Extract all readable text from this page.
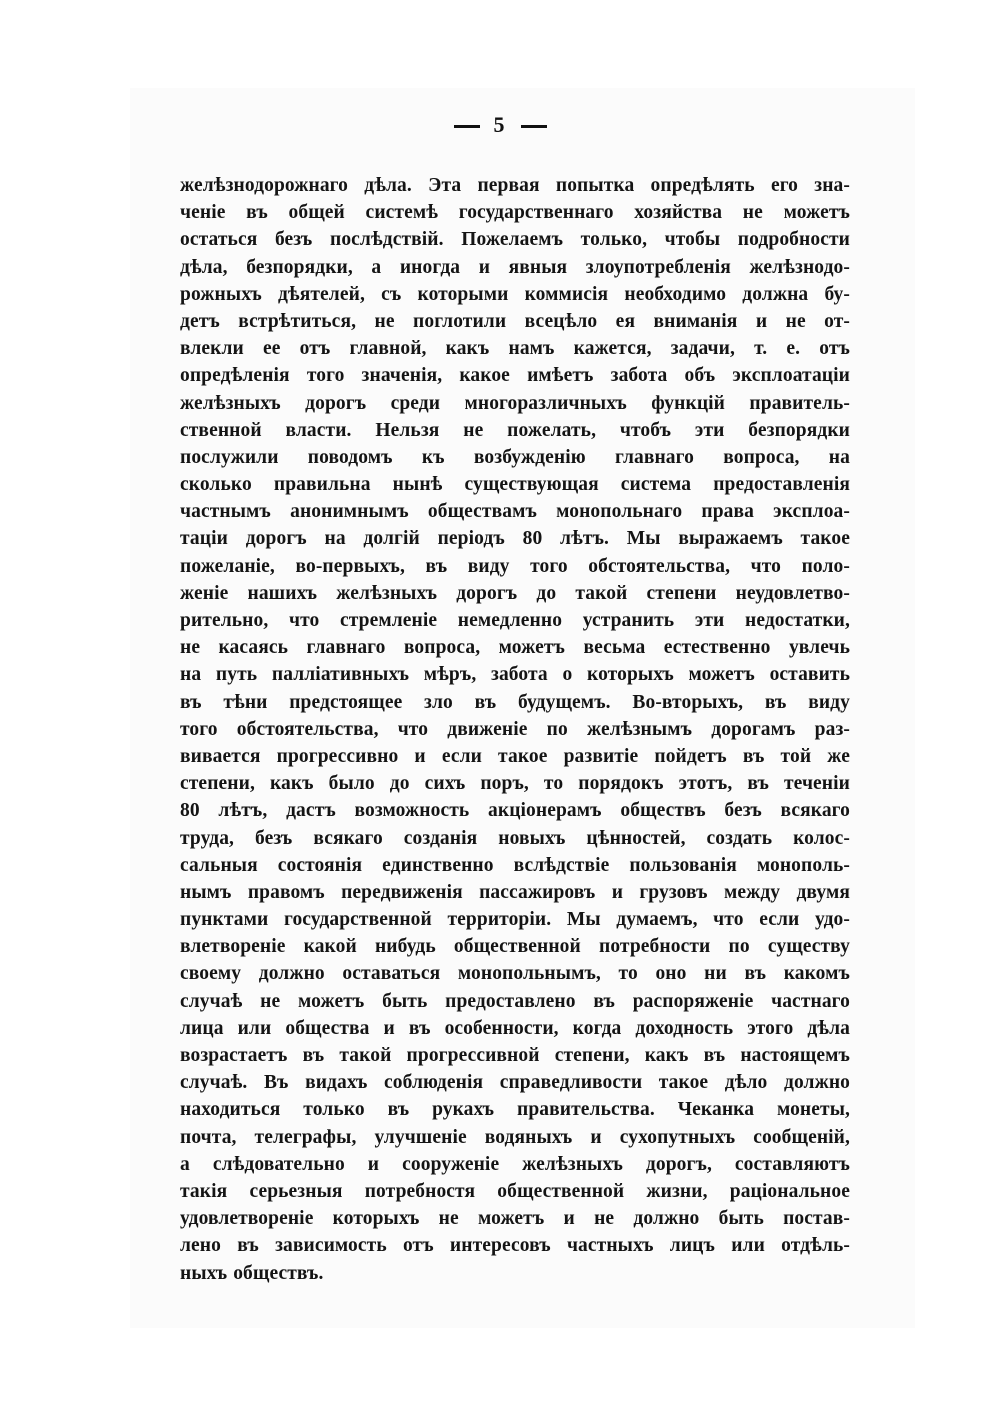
5
желѣзнодорожнаго дѣла. Эта первая попытка опредѣлять его зна-
ченіе въ общей системѣ государственнаго хозяйства не можетъ
остаться безъ послѣдствій. Пожелаемъ только, чтобы подробности
дѣла, безпорядки, а иногда и явныя злоупотребленія желѣзнодо-
рожныхъ дѣятелей, съ которыми коммисія необходимо должна бу-
детъ встрѣтиться, не поглотили всецѣло ея вниманія и не от-
влекли ее отъ главной, какъ намъ кажется, задачи, т. е. отъ
опредѣленія того значенія, какое имѣетъ забота объ эксплоатаціи
желѣзныхъ дорогъ среди многоразличныхъ функцій правитель-
ственной власти. Нельзя не пожелать, чтобъ эти безпорядки
послужили поводомъ къ возбужденію главнаго вопроса, на
сколько правильна нынѣ существующая система предоставленія
частнымъ анонимнымъ обществамъ монопольнаго права эксплоа-
таціи дорогъ на долгій періодъ 80 лѣтъ. Мы выражаемъ такое
пожеланіе, во-первыхъ, въ виду того обстоятельства, что поло-
женіе нашихъ желѣзныхъ дорогъ до такой степени неудовлетво-
рительно, что стремленіе немедленно устранить эти недостатки,
не касаясь главнаго вопроса, можетъ весьма естественно увлечь
на путь палліативныхъ мѣръ, забота о которыхъ можетъ оставить
въ тѣни предстоящее зло въ будущемъ. Во-вторыхъ, въ виду
того обстоятельства, что движеніе по желѣзнымъ дорогамъ раз-
вивается прогрессивно и если такое развитіе пойдетъ въ той же
степени, какъ было до сихъ поръ, то порядокъ этотъ, въ теченіи
80 лѣтъ, дастъ возможность акціонерамъ обществъ безъ всякаго
труда, безъ всякаго созданія новыхъ цѣнностей, создать колос-
сальныя состоянія единственно вслѣдствіе пользованія монополь-
нымъ правомъ передвиженія пассажировъ и грузовъ между двумя
пунктами государственной территоріи. Мы думаемъ, что если удо-
влетвореніе какой нибудь общественной потребности по существу
своему должно оставаться монопольнымъ, то оно ни въ какомъ
случаѣ не можетъ быть предоставлено въ распоряженіе частнаго
лица или общества и въ особенности, когда доходность этого дѣла
возрастаетъ въ такой прогрессивной степени, какъ въ настоящемъ
случаѣ. Въ видахъ соблюденія справедливости такое дѣло должно
находиться только въ рукахъ правительства. Чеканка монеты,
почта, телеграфы, улучшеніе водяныхъ и сухопутныхъ сообщеній,
а слѣдовательно и сооруженіе желѣзныхъ дорогъ, составляютъ
такія серьезныя потребностя общественной жизни, раціональное
удовлетвореніе которыхъ не можетъ и не должно быть постав-
лено въ зависимость отъ интересовъ частныхъ лицъ или отдѣль-
ныхъ обществъ.
